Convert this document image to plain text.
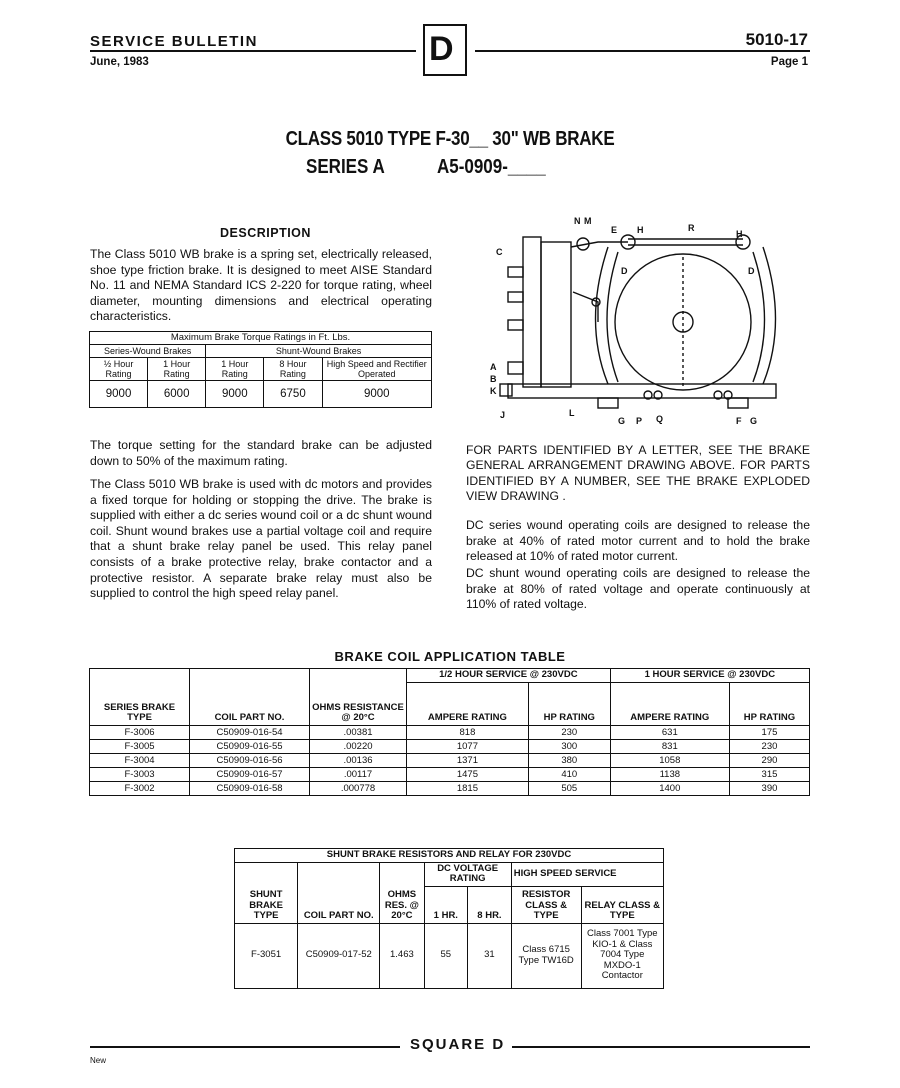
SERVICE BULLETIN
June, 1983	D	5010-17
Page 1
CLASS 5010 TYPE F-30__ 30" WB BRAKE
SERIES A	A5-0909-____
DESCRIPTION
The Class 5010 WB brake is a spring set, electrically released, shoe type friction brake. It is designed to meet AISE Standard No. 11 and NEMA Standard ICS 2-220 for torque rating, wheel diameter, mounting dimensions and electrical operating characteristics.
Maximum Brake Torque Ratings in Ft. Lbs.				
Series-Wound Brakes		Shunt-Wound Brakes		
½ Hour Rating	1 Hour Rating	1 Hour Rating	8 Hour Rating	High Speed and Rectifier Operated
9000	6000	9000	6750	9000
The torque setting for the standard brake can be adjusted down to 50% of the maximum rating.
The Class 5010 WB brake is used with dc motors and provides a fixed torque for holding or stopping the drive. The brake is supplied with either a dc series wound coil or a dc shunt wound coil. Shunt wound brakes use a partial voltage coil and require that a shunt brake relay panel be used. This relay panel consists of a brake protective relay, brake contactor and a protective resistor. A separate brake relay must also be supplied to control the high speed relay panel.
N M
E H	R
H
C
D	D
A
B
K
J	L
G P Q	F G
FOR PARTS IDENTIFIED BY A LETTER, SEE THE BRAKE GENERAL ARRANGEMENT DRAWING ABOVE. FOR PARTS IDENTIFIED BY A NUMBER, SEE THE BRAKE EXPLODED VIEW DRAWING .
DC series wound operating coils are designed to release the brake at 40% of rated motor current and to hold the brake released at 10% of rated motor current.
DC shunt wound operating coils are designed to release the brake at 80% of rated voltage and operate continuously at 110% of rated voltage.
BRAKE COIL APPLICATION TABLE
SERIES BRAKE TYPE	COIL PART NO.	OHMS RESISTANCE @ 20°C	1/2 HOUR SERVICE @ 230VDC		1 HOUR SERVICE @ 230VDC	
			AMPERE RATING	HP RATING	AMPERE RATING	HP RATING
F-3006	C50909-016-54	.00381	818	230	631	175
F-3005	C50909-016-55	.00220	1077	300	831	230
F-3004	C50909-016-56	.00136	1371	380	1058	290
F-3003	C50909-016-57	.00117	1475	410	1138	315
F-3002	C50909-016-58	.000778	1815	505	1400	390
SHUNT BRAKE RESISTORS AND RELAY FOR 230VDC						
SHUNT BRAKE TYPE	COIL PART NO.	OHMS RES. @ 20°C	DC VOLTAGE RATING		HIGH SPEED SERVICE	
			1 HR.	8 HR.	RESISTOR CLASS & TYPE	RELAY CLASS & TYPE
F-3051	C50909-017-52	1.463	55	31	Class 6715 Type TW16D	Class 7001 Type KIO-1 & Class 7004 Type MXDO-1 Contactor
SQUARE D
New
